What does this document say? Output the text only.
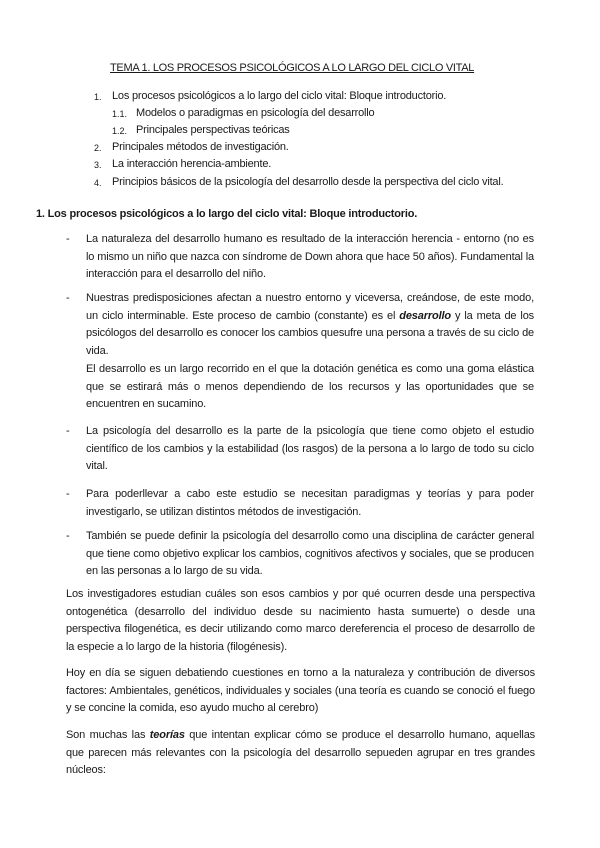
TEMA 1. LOS PROCESOS PSICOLÓGICOS A LO LARGO DEL CICLO VITAL
1. Los procesos psicológicos a lo largo del ciclo vital: Bloque introductorio.
1.1. Modelos o paradigmas en psicología del desarrollo
1.2. Principales perspectivas teóricas
2. Principales métodos de investigación.
3. La interacción herencia-ambiente.
4. Principios básicos de la psicología del desarrollo desde la perspectiva del ciclo vital.
1. Los procesos psicológicos a lo largo del ciclo vital: Bloque introductorio.
- La naturaleza del desarrollo humano es resultado de la interacción herencia - entorno (no es lo mismo un niño que nazca con síndrome de Down ahora que hace 50 años). Fundamental la interacción para el desarrollo del niño.
- Nuestras predisposiciones afectan a nuestro entorno y viceversa, creándose, de este modo, un ciclo interminable. Este proceso de cambio (constante) es el desarrollo y la meta de los psicólogos del desarrollo es conocer los cambios quesufre una persona a través de su ciclo de vida.
El desarrollo es un largo recorrido en el que la dotación genética es como una goma elástica que se estirará más o menos dependiendo de los recursos y las oportunidades que se encuentren en sucamino.
- La psicología del desarrollo es la parte de la psicología que tiene como objeto el estudio científico de los cambios y la estabilidad (los rasgos) de la persona a lo largo de todo su ciclo vital.
- Para poderllevar a cabo este estudio se necesitan paradigmas y teorías y para poder investigarlo, se utilizan distintos métodos de investigación.
- También se puede definir la psicología del desarrollo como una disciplina de carácter general que tiene como objetivo explicar los cambios, cognitivos afectivos y sociales, que se producen en las personas a lo largo de su vida.
Los investigadores estudian cuáles son esos cambios y por qué ocurren desde una perspectiva ontogenética (desarrollo del individuo desde su nacimiento hasta sumuerte) o desde una perspectiva filogenética, es decir utilizando como marco dereferencia el proceso de desarrollo de la especie a lo largo de la historia (filogénesis).
Hoy en día se siguen debatiendo cuestiones en torno a la naturaleza y contribución de diversos factores: Ambientales, genéticos, individuales y sociales (una teoría es cuando se conoció el fuego y se concine la comida, eso ayudo mucho al cerebro)
Son muchas las teorías que intentan explicar cómo se produce el desarrollo humano, aquellas que parecen más relevantes con la psicología del desarrollo sepueden agrupar en tres grandes núcleos:
